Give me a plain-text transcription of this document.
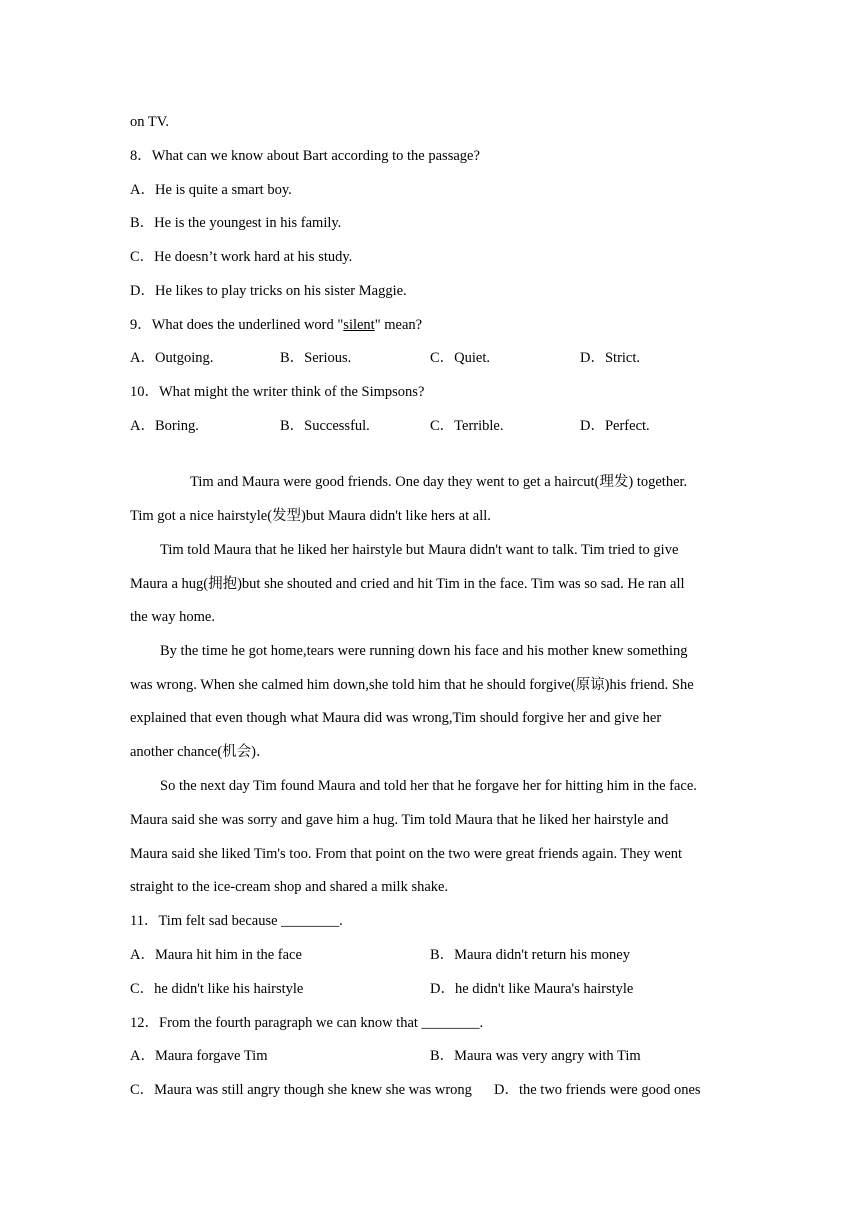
on TV.
8．What can we know about Bart according to the passage?
A．He is quite a smart boy.
B．He is the youngest in his family.
C．He doesn’t work hard at his study.
D．He likes to play tricks on his sister Maggie.
9．What does the underlined word "silent" mean?
A．Outgoing.	B．Serious.	C．Quiet.	D．Strict.
10．What might the writer think of the Simpsons?
A．Boring.	B．Successful.	C．Terrible.	D．Perfect.
Tim and Maura were good friends. One day they went to get a haircut(理发) together.
Tim got a nice hairstyle(发型)but Maura didn't like hers at all.
Tim told Maura that he liked her hairstyle but Maura didn't want to talk. Tim tried to give
Maura a hug(拥抱)but she shouted and cried and hit Tim in the face. Tim was so sad. He ran all
the way home.
By the time he got home,tears were running down his face and his mother knew something
was wrong. When she calmed him down,she told him that he should forgive(原谅)his friend. She
explained that even though what Maura did was wrong,Tim should forgive her and give her
another chance(机会)．
So the next day Tim found Maura and told her that he forgave her for hitting him in the face.
Maura said she was sorry and gave him a hug. Tim told Maura that he liked her hairstyle and
Maura said she liked Tim's too. From that point on the two were great friends again. They went
straight to the ice-cream shop and shared a milk shake.
11．Tim felt sad because ________.
A．Maura hit him in the face	B．Maura didn't return his money
C．he didn't like his hairstyle	D．he didn't like Maura's hairstyle
12．From the fourth paragraph we can know that ________.
A．Maura forgave Tim	B．Maura was very angry with Tim
C．Maura was still angry though she knew she was wrong D．the two friends were good ones
